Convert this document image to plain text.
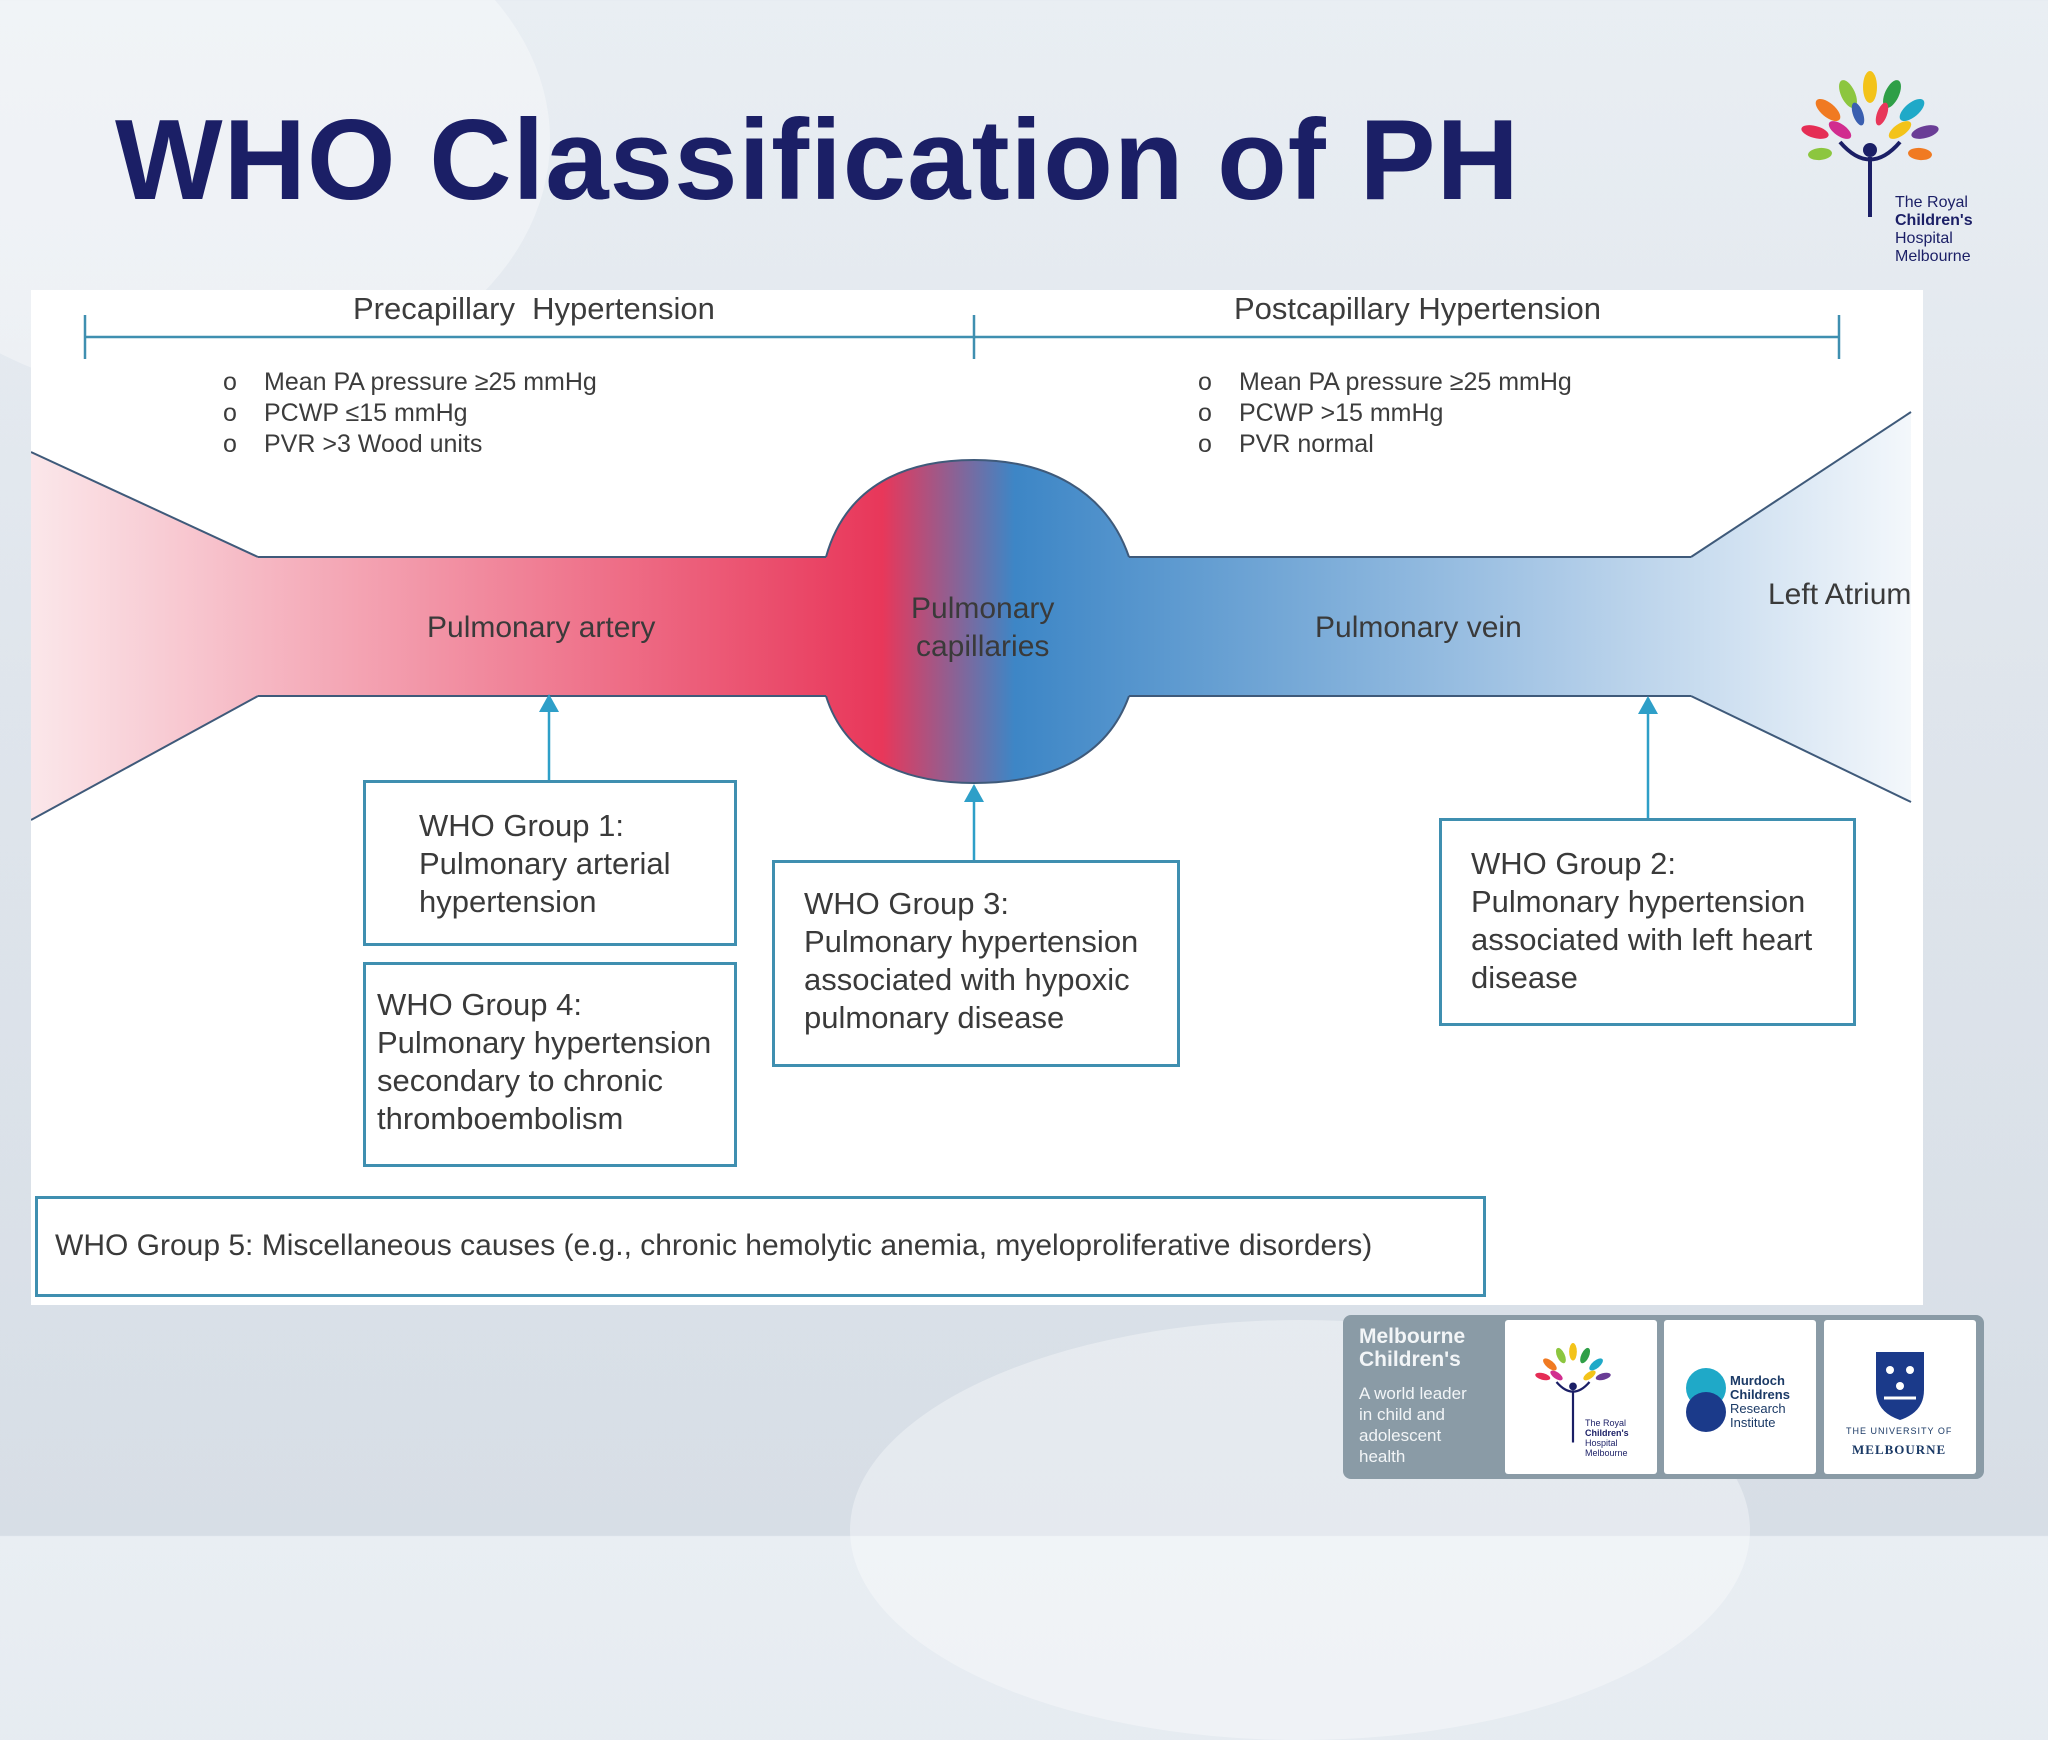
WHO Classification of PH	The Royal
Children's
Hospital
Melbourne
Precapillary  Hypertension	Postcapillary Hypertension
o	Mean PA pressure ≥25 mmHg
o	PCWP ≤15 mmHg
o	PVR >3 Wood units
o	Mean PA pressure ≥25 mmHg
o	PCWP >15 mmHg
o	PVR normal
Pulmonary artery
Pulmonary
capillaries
Pulmonary vein
Left Atrium
WHO Group 1:
Pulmonary arterial
hypertension
WHO Group 4:
Pulmonary hypertension
secondary to chronic
thromboembolism
WHO Group 3:
Pulmonary hypertension
associated with hypoxic
pulmonary disease
WHO Group 2:
Pulmonary hypertension
associated with left heart
disease
WHO Group 5: Miscellaneous causes (e.g., chronic hemolytic anemia, myeloproliferative disorders)
Melbourne
Children's
A world leader
in child and
adolescent
health
The Royal
Children's
Hospital
Melbourne
Murdoch
Childrens
Research
Institute
THE UNIVERSITY OF
MELBOURNE
